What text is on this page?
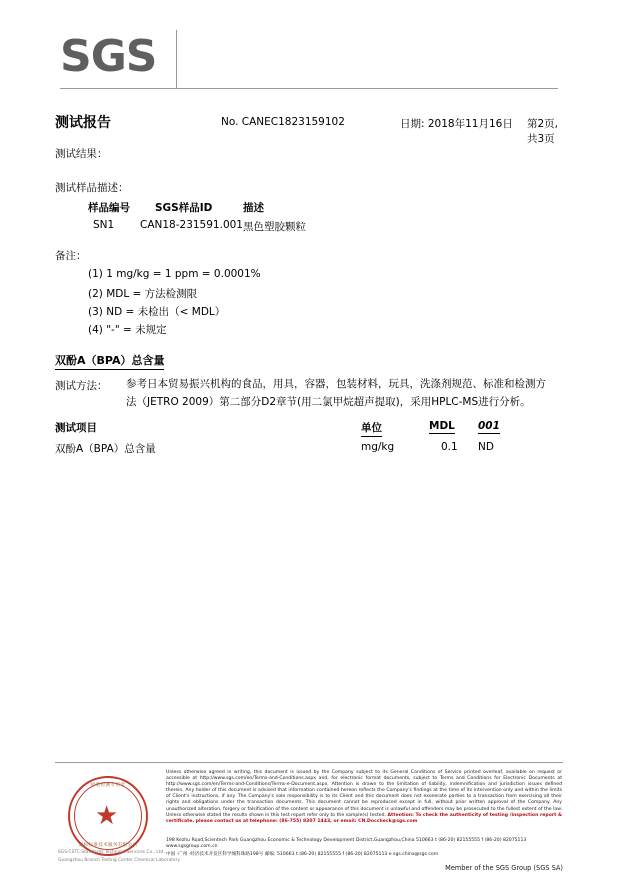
SGS
测试报告	No. CANEC1823159102	日期: 2018年11月16日 第2页,共3页
测试结果：
测试样品描述：
样品编号 SGS样品ID	描述
SN1 CAN18-231591.001 黑色塑胶颗粒
备注：
(1) 1 mg/kg = 1 ppm = 0.0001%
(2) MDL = 方法检测限
(3) ND = 未检出（< MDL）
(4) "-" = 未规定
双酚A（BPA）总含量
测试方法： 参考日本贸易振兴机构的食品，用具，容器，包装材料，玩具，洗涤剂规范、标准和检测方
法（JETRO 2009）第二部分D2章节(用二氯甲烷超声提取)，采用HPLC-MS进行分析。
测试项目	单位	MDL 001
双酚A（BPA）总含量	mg/kg	0.1 ND
检验检测专用章
★
通标标准技术服务有限公司
SGS-CSTC Standards Technical Services Co., Ltd.
Guangzhou Branch Testing Center Chemical Laboratory
Unless otherwise agreed in writing, this document is issued by the Company subject to its General Conditions of Service printed overleaf, available on request or accessible at http://www.sgs.com/en/Terms-and-Conditions.aspx and, for electronic format documents, subject to Terms and Conditions for Electronic Documents at http://www.sgs.com/en/Terms-and-Conditions/Terms-e-Document.aspx. Attention is drawn to the limitation of liability, indemnification and jurisdiction issues defined therein. Any holder of this document is advised that information contained hereon reflects the Company's findings at the time of its intervention only and within the limits of Client's instructions, if any. The Company's sole responsibility is to its Client and this document does not exonerate parties to a transaction from exercising all their rights and obligations under the transaction documents. This document cannot be reproduced except in full, without prior written approval of the Company. Any unauthorized alteration, forgery or falsification of the content or appearance of this document is unlawful and offenders may be prosecuted to the fullest extent of the law. Unless otherwise stated the results shown in this test report refer only to the sample(s) tested. Attention: To check the authenticity of testing /inspection report & certificate, please contact us at telephone: (86-755) 8307 1443, or email: CN.Doccheck@sgs.com
198 Kezhu Road,Scientech Park Guangzhou Economic & Technology Development District,Guangzhou,China 510663 t (86-20) 82155555 f (86-20) 82075113 www.sgsgroup.com.cn
中国 ·广州 ·经济技术开发区科学城科珠路198号 邮编: 510663 t (86-20) 82155555 f (86-20) 82075113 e sgs.china@sgs.com
Member of the SGS Group (SGS SA)
